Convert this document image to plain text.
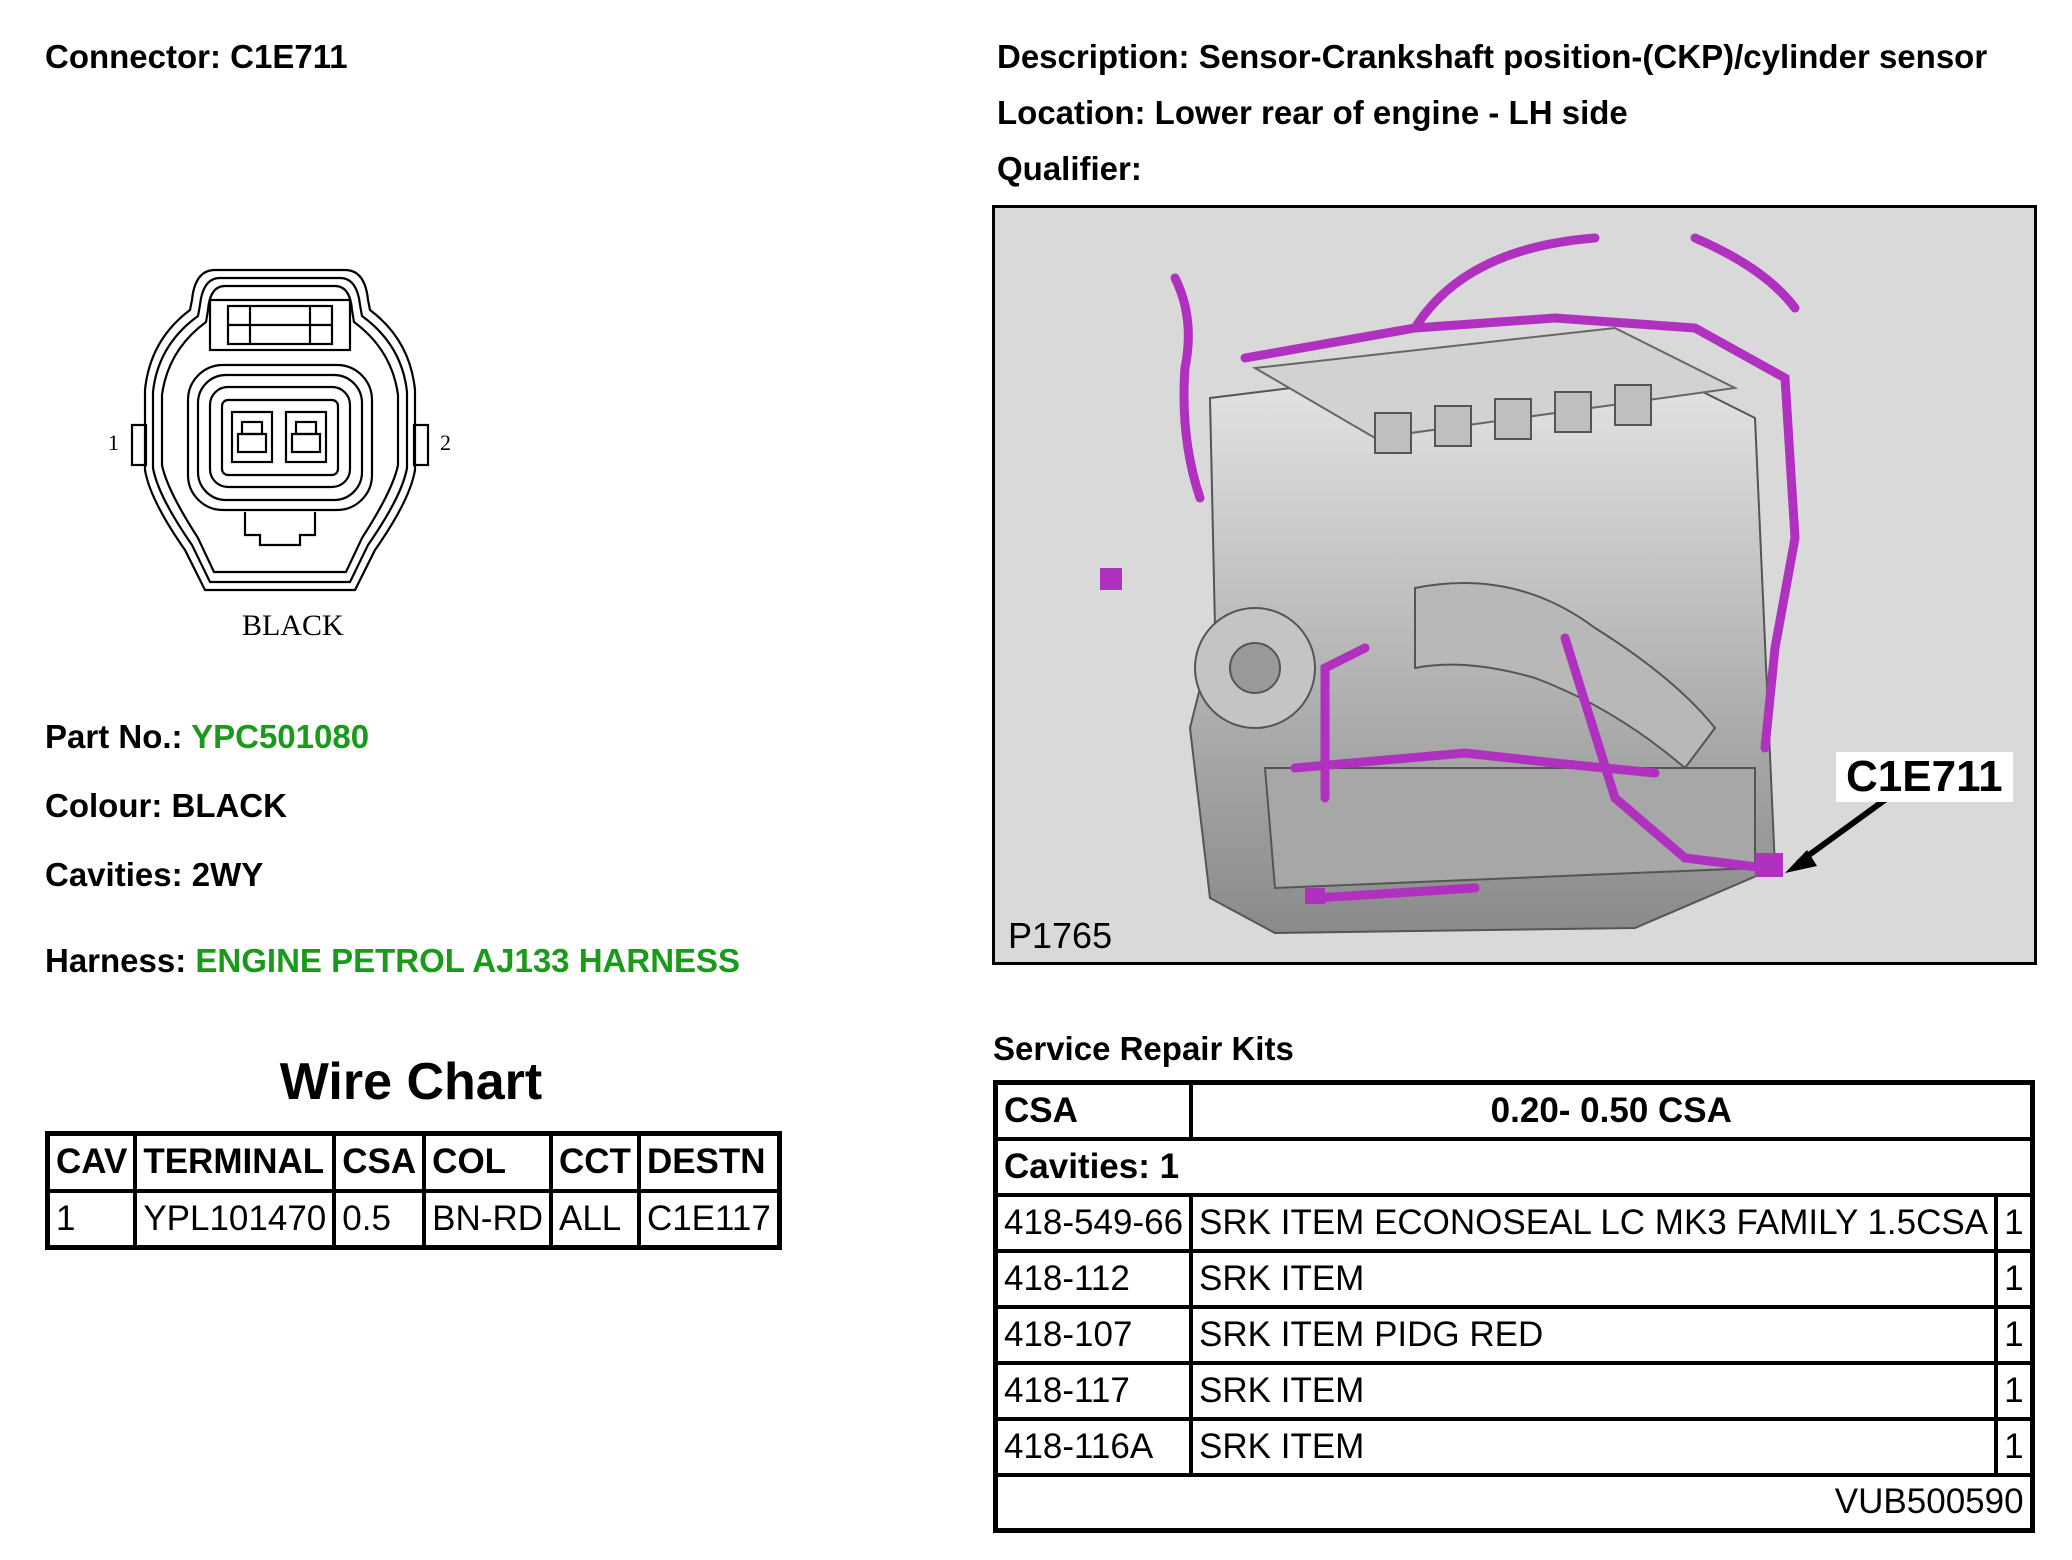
Connector: C1E711	Description: Sensor-Crankshaft position-(CKP)/cylinder sensor
Location: Lower rear of engine - LH side
Qualifier:
1	2
BLACK
Part No.: YPC501080
Colour: BLACK
Cavities: 2WY
Harness: ENGINE PETROL AJ133 HARNESS
Wire Chart
CAV	TERMINAL	CSA	COL	CCT	DESTN
1	YPL101470	0.5	BN-RD	ALL	C1E117
P1765
C1E711
Service Repair Kits
CSA	0.20- 0.50 CSA	
Cavities: 1		
418-549-66	SRK ITEM ECONOSEAL LC MK3 FAMILY 1.5CSA	1
418-112	SRK ITEM	1
418-107	SRK ITEM PIDG RED	1
418-117	SRK ITEM	1
418-116A	SRK ITEM	1
VUB500590		
